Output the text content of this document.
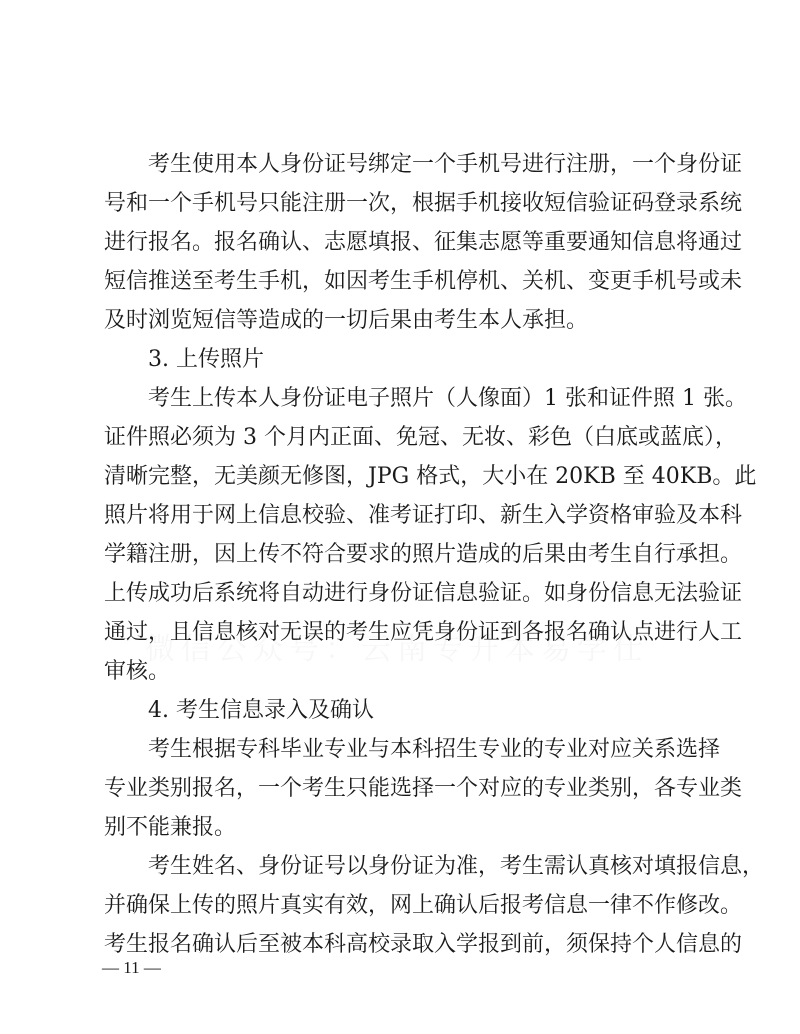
考生使用本人身份证号绑定一个手机号进行注册，一个身份证
号和一个手机号只能注册一次，根据手机接收短信验证码登录系统
进行报名。报名确认、志愿填报、征集志愿等重要通知信息将通过
短信推送至考生手机，如因考生手机停机、关机、变更手机号或未
及时浏览短信等造成的一切后果由考生本人承担。
3. 上传照片
考生上传本人身份证电子照片（人像面）1 张和证件照 1 张。
证件照必须为 3 个月内正面、免冠、无妆、彩色（白底或蓝底），
清晰完整，无美颜无修图，JPG 格式，大小在 20KB 至 40KB。此
照片将用于网上信息校验、准考证打印、新生入学资格审验及本科
学籍注册，因上传不符合要求的照片造成的后果由考生自行承担。
上传成功后系统将自动进行身份证信息验证。如身份信息无法验证
通过，且信息核对无误的考生应凭身份证到各报名确认点进行人工
审核。
4. 考生信息录入及确认
考生根据专科毕业专业与本科招生专业的专业对应关系选择
专业类别报名，一个考生只能选择一个对应的专业类别，各专业类
别不能兼报。
考生姓名、身份证号以身份证为准，考生需认真核对填报信息，
并确保上传的照片真实有效，网上确认后报考信息一律不作修改。
考生报名确认后至被本科高校录取入学报到前，须保持个人信息的
— 11 —
